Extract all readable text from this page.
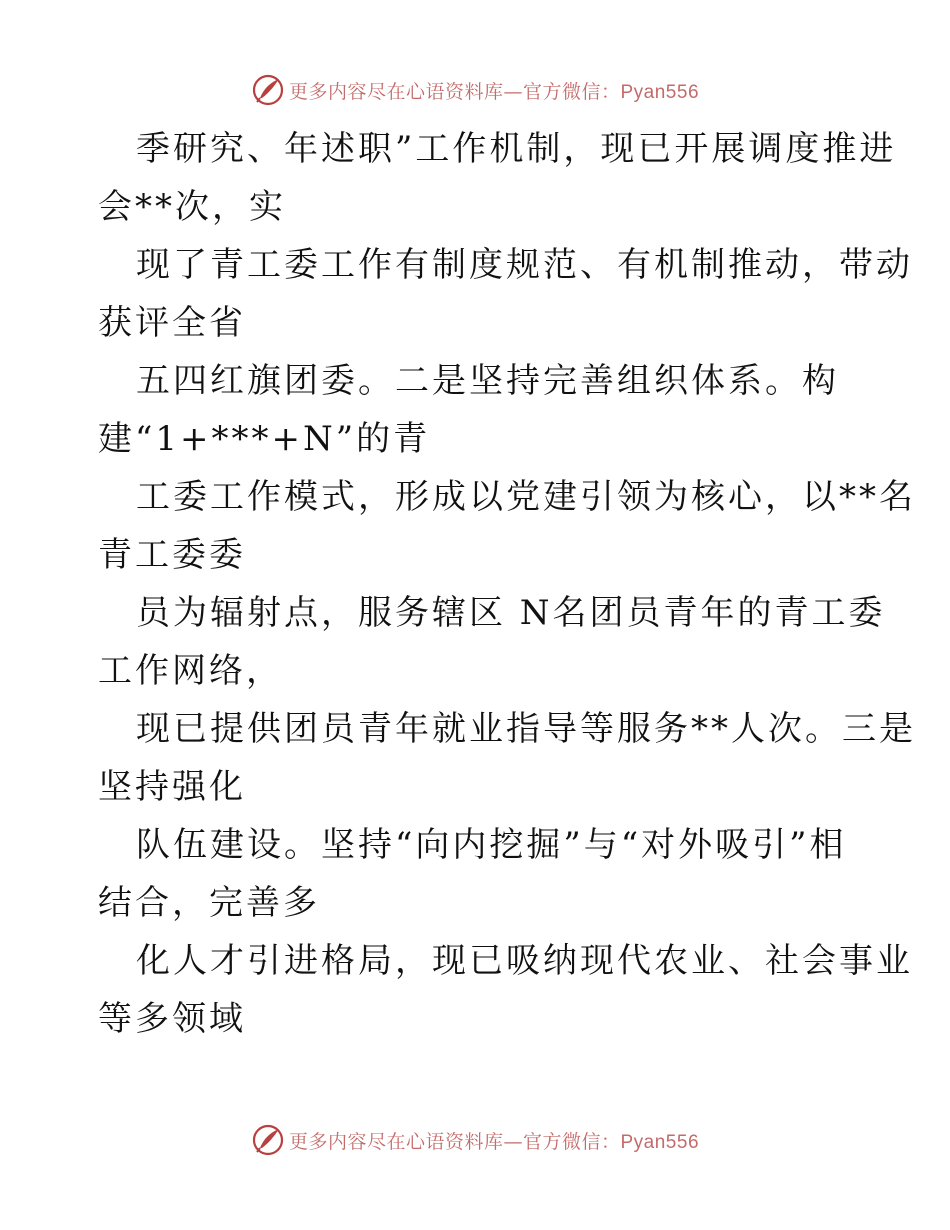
更多内容尽在心语资料库—官方微信：Pyan556
季研究、年述职”工作机制，现已开展调度推进
会**次，实
现了青工委工作有制度规范、有机制推动，带动
获评全省
五四红旗团委。二是坚持完善组织体系。构
建“1+***+N”的青
工委工作模式，形成以党建引领为核心，以**名
青工委委
员为辐射点，服务辖区 N名团员青年的青工委
工作网络，
现已提供团员青年就业指导等服务**人次。三是
坚持强化
队伍建设。坚持“向内挖掘”与“对外吸引”相
结合，完善多
化人才引进格局，现已吸纳现代农业、社会事业
等多领域
更多内容尽在心语资料库—官方微信：Pyan556
